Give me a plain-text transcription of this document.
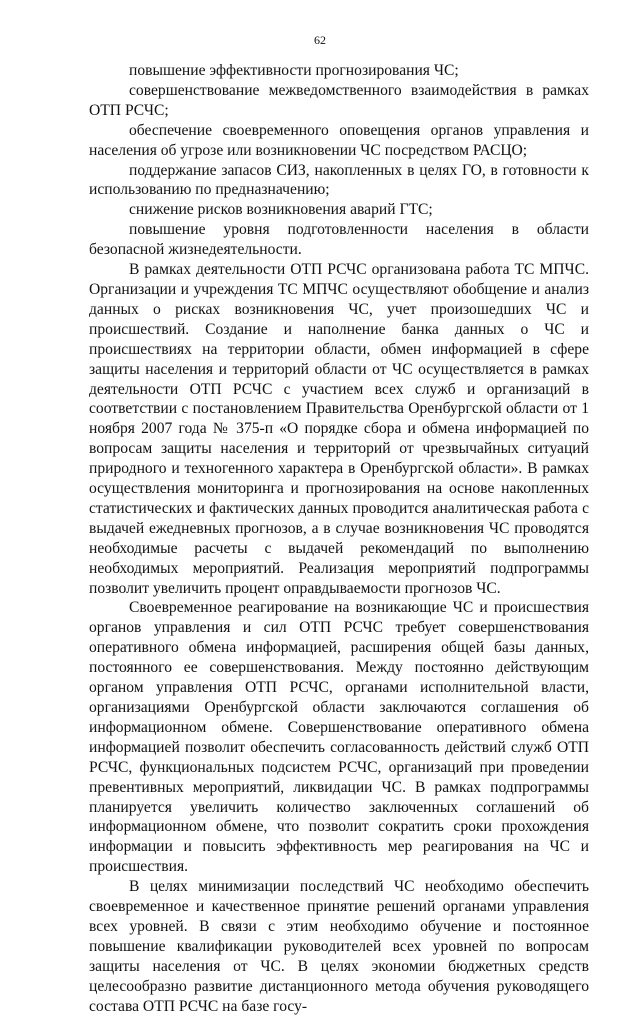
62

повышение эффективности прогнозирования ЧС;

совершенствование межведомственного взаимодействия в рамках ОТП РСЧС;

обеспечение своевременного оповещения органов управления и населения об угрозе или возникновении ЧС посредством РАСЦО;

поддержание запасов СИЗ, накопленных в целях ГО, в готовности к использованию по предназначению;

снижение рисков возникновения аварий ГТС;

повышение уровня подготовленности населения в области безопасной жизнедеятельности.

В рамках деятельности ОТП РСЧС организована работа ТС МПЧС. Организации и учреждения ТС МПЧС осуществляют обобщение и анализ данных о рисках возникновения ЧС, учет произошедших ЧС и происшествий. Создание и наполнение банка данных о ЧС и происшествиях на территории области, обмен информацией в сфере защиты населения и территорий области от ЧС осуществляется в рамках деятельности ОТП РСЧС с участием всех служб и организаций в соответствии с постановлением Правительства Оренбургской области от 1 ноября 2007 года № 375-п «О порядке сбора и обмена информацией по вопросам защиты населения и территорий от чрезвычайных ситуаций природного и техногенного характера в Оренбургской области». В рамках осуществления мониторинга и прогнозирования на основе накопленных статистических и фактических данных проводится аналитическая работа с выдачей ежедневных прогнозов, а в случае возникновения ЧС проводятся необходимые расчеты с выдачей рекомендаций по выполнению необходимых мероприятий. Реализация мероприятий подпрограммы позволит увеличить процент оправдываемости прогнозов ЧС.

Своевременное реагирование на возникающие ЧС и происшествия органов управления и сил ОТП РСЧС требует совершенствования оперативного обмена информацией, расширения общей базы данных, постоянного ее совершенствования. Между постоянно действующим органом управления ОТП РСЧС, органами исполнительной власти, организациями Оренбургской области заключаются соглашения об информационном обмене. Совершенствование оперативного обмена информацией позволит обеспечить согласованность действий служб ОТП РСЧС, функциональных подсистем РСЧС, организаций при проведении превентивных мероприятий, ликвидации ЧС. В рамках подпрограммы планируется увеличить количество заключенных соглашений об информационном обмене, что позволит сократить сроки прохождения информации и повысить эффективность мер реагирования на ЧС и происшествия.

В целях минимизации последствий ЧС необходимо обеспечить своевременное и качественное принятие решений органами управления всех уровней. В связи с этим необходимо обучение и постоянное повышение квалификации руководителей всех уровней по вопросам защиты населения от ЧС. В целях экономии бюджетных средств целесообразно развитие дистанционного метода обучения руководящего состава ОТП РСЧС на базе госу-
